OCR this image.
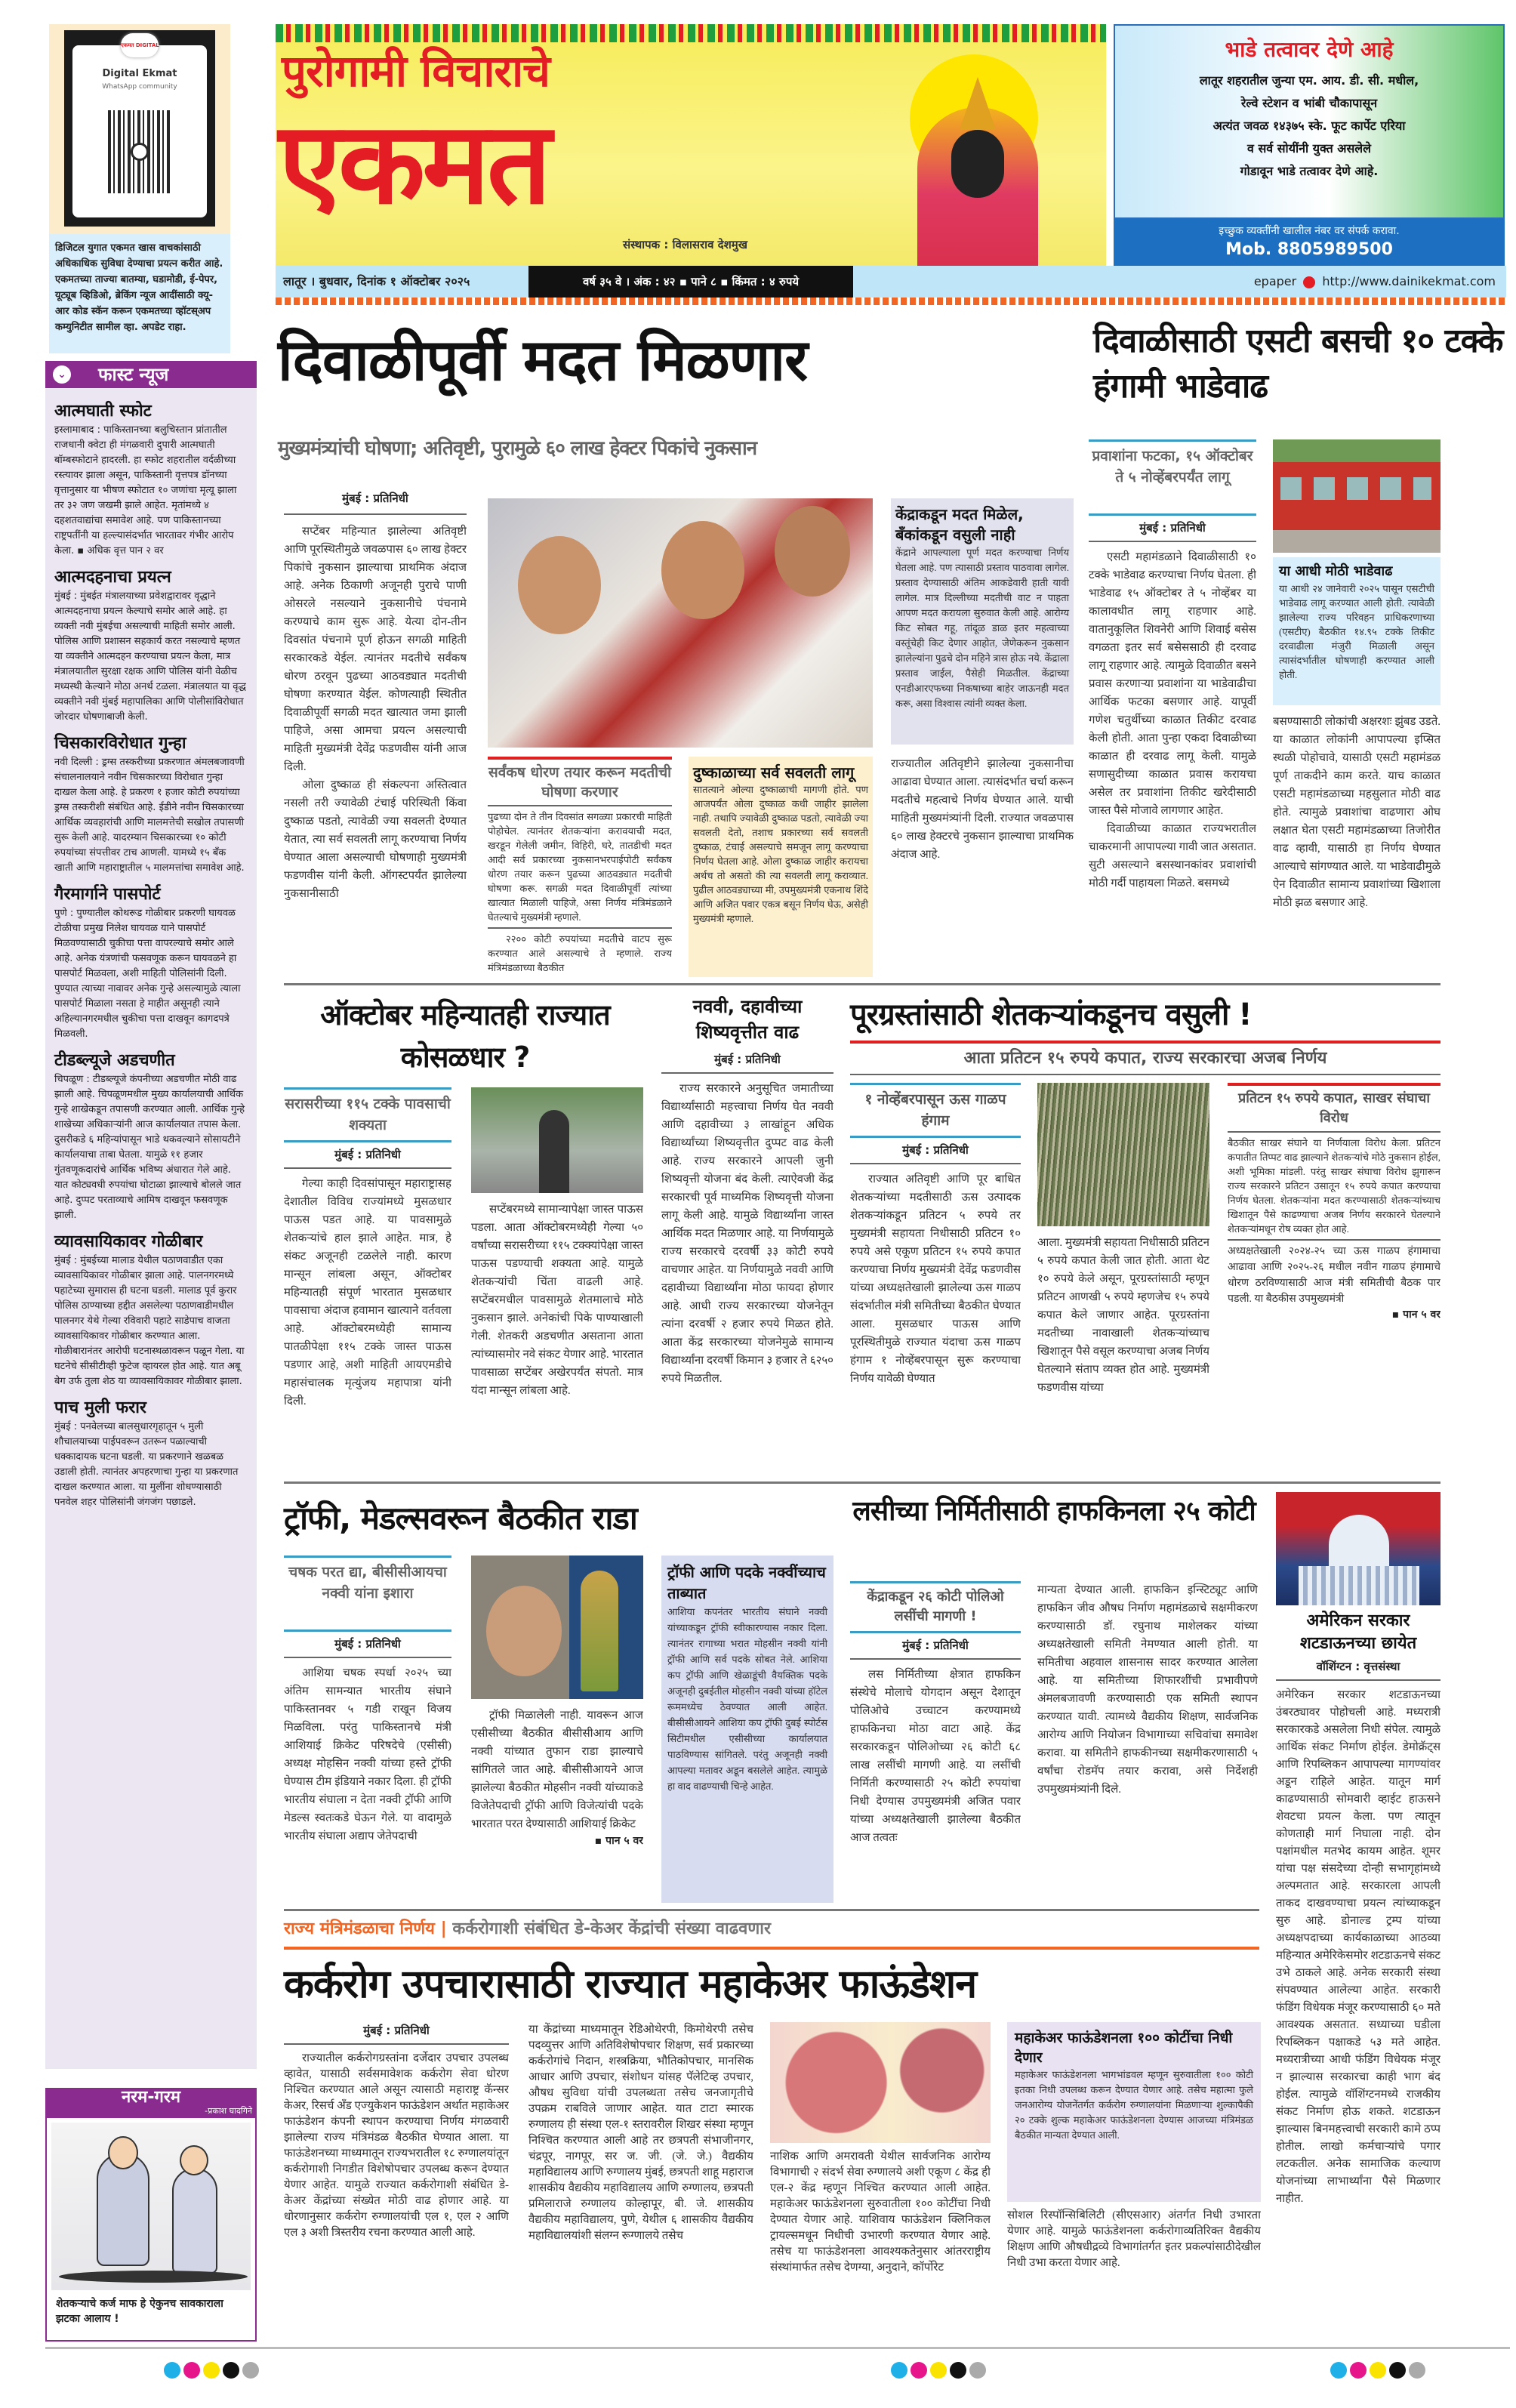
एकमत DIGITAL
Digital Ekmat
WhatsApp community

डिजिटल युगात एकमत खास वाचकांसाठी अधिकाधिक सुविधा देण्याचा प्रयत्न करीत आहे. एकमतच्या ताज्या बातम्या, घडामोडी, ई-पेपर, यूट्यूब व्हिडिओ, ब्रेकिंग न्यूज आदींसाठी क्यू-आर कोड स्कॅन करून एकमतच्या व्हॉटस्‌अप कम्युनिटीत सामील व्हा. अपडेट राहा.

⌄ फास्ट न्यूज
आत्मघाती स्फोट
इस्लामाबाद : पाकिस्तानच्या बलुचिस्तान प्रांतातील राजधानी क्वेटा ही मंगळवारी दुपारी आत्मघाती बॉम्बस्फोटाने हादरली. हा स्फोट शहरातील वर्दळीच्या रस्त्यावर झाला असून, पाकिस्तानी वृत्तपत्र डॉनच्या वृत्तानुसार या भीषण स्फोटात १० जणांचा मृत्यू झाला तर ३२ जण जखमी झाले आहेत. मृतांमध्ये ४ दहशतवाद्यांचा समावेश आहे. पण पाकिस्तानच्या राष्ट्रपतींनी या हल्ल्यासंदर्भात भारतावर गंभीर आरोप केला. ▪ अधिक वृत्त पान २ वर
आत्मदहनाचा प्रयत्न
मुंबई : मुंबईत मंत्रालयाच्या प्रवेशद्वारावर वृद्धाने आत्मदहनाचा प्रयत्न केल्याचे समोर आले आहे. हा व्यक्ती नवी मुंबईचा असल्याची माहिती समोर आली. पोलिस आणि प्रशासन सहकार्य करत नसल्याचे म्हणत या व्यक्तीने आत्मदहन करण्याचा प्रयत्न केला, मात्र मंत्रालयातील सुरक्षा रक्षक आणि पोलिस यांनी वेळीच मध्यस्थी केल्याने मोठा अनर्थ टळला. मंत्रालयात या वृद्ध व्यक्तीने नवी मुंबई महापालिका आणि पोलीसांविरोधात जोरदार घोषणाबाजी केली.
चिसकारविरोधात गुन्हा
नवी दिल्ली : ड्रग्स तस्करीच्या प्रकरणात अंमलबजावणी संचालनालयाने नवीन चिसकारच्या विरोधात गुन्हा दाखल केला आहे. हे प्रकरण १ हजार कोटी रुपयांच्या ड्रग्स तस्करीशी संबंधित आहे. ईडीने नवीन चिसकारच्या आर्थिक व्यवहारांची आणि मालमत्तेची सखोल तपासणी सुरू केली आहे. यादरम्यान चिसकारच्या १० कोटी रुपयांच्या संपत्तीवर टाच आणली. यामध्ये १५ बँक खाती आणि महाराष्ट्रातील ५ मालमत्तांचा समावेश आहे.
गैरमार्गाने पासपोर्ट
पुणे : पुण्यातील कोथरूड गोळीबार प्रकरणी घायवळ टोळीचा प्रमुख निलेश घायवळ याने पासपोर्ट मिळवण्यासाठी चुकीचा पत्ता वापरल्याचे समोर आले आहे. अनेक यंत्रणांची फसवणूक करून घायवळने हा पासपोर्ट मिळवला, अशी माहिती पोलिसांनी दिली. पुण्यात त्याच्या नावावर अनेक गुन्हे असल्यामुळे त्याला पासपोर्ट मिळाला नसता हे माहीत असूनही त्याने अहिल्यानगरमधील चुकीचा पत्ता दाखवून कागदपत्रे मिळवली.
टीडब्ल्यूजे अडचणीत
चिपळूण : टीडब्ल्यूजे कंपनीच्या अडचणीत मोठी वाढ झाली आहे. चिपळूणमधील मुख्य कार्यालयाची आर्थिक गुन्हे शाखेकडून तपासणी करण्यात आली. आर्थिक गुन्हे शाखेच्या अधिकाऱ्यांनी आज कार्यालयात तपास केला. दुसरीकडे ६ महिन्यांपासून भाडे थकवल्याने सोसायटीने कार्यालयाचा ताबा घेतला. यामुळे ११ हजार गुंतवणूकदारांचे आर्थिक भविष्य अंधारात गेले आहे. यात कोट्यवधी रुपयांचा घोटाळा झाल्याचे बोलले जात आहे. दुप्पट परताव्याचे आमिष दाखवून फसवणूक झाली.
व्यावसायिकावर गोळीबार
मुंबई : मुंबईच्या मालाड येथील पठाणवाडीत एका व्यावसायिकावर गोळीबार झाला आहे. पालनगरमध्ये पहाटेच्या सुमारास ही घटना घडली. मालाड पूर्व कुरार पोलिस ठाण्याच्या हद्दीत असलेल्या पठाणवाडीमधील पालनगर येथे गेल्या रविवारी पहाटे साडेपाच वाजता व्यावसायिकावर गोळीबार करण्यात आला. गोळीबारानंतर आरोपी घटनास्थळावरून पळून गेला. या घटनेचे सीसीटीव्ही फुटेज व्हायरल होत आहे. यात अबू बेग उर्फ तुला शेठ या व्यावसायिकावर गोळीबार झाला.
पाच मुली फरार
मुंबई : पनवेलच्या बालसुधारगृहातून ५ मुली शौचालयाच्या पाईपवरून उतरून पळाल्याची धक्कादायक घटना घडली. या प्रकरणाने खळबळ उडाली होती. त्यानंतर अपहरणाचा गुन्हा या प्रकरणात दाखल करण्यात आला. या मुलींना शोधण्यासाठी पनवेल शहर पोलिसांनी जंगजंग पछाडले.
नरम-गरम
-प्रकाश घादगिने
शेतकऱ्याचे कर्ज माफ हे ऐकुनच सावकाराला झटका आलाय !
पुरोगामी विचाराचे
एकमत
संस्थापक : विलासराव देशमुख
भाडे तत्वावर देणे आहे
लातूर शहरातील जुन्या एम. आय. डी. सी. मधील,
रेल्वे स्टेशन व भांबी चौकापासून
अत्यंत जवळ १४३७५ स्के. फूट कार्पेट एरिया
व सर्व सोयींनी युक्त असलेले
गोडावून भाडे तत्वावर देणे आहे.
इच्छुक व्यक्तींनी खालील नंबर वर संपर्क करावा.
Mob. 8805989500
लातूर । बुधवार, दिनांक १ ऑक्टोबर २०२५	epaper http://www.dainikekmat.com
वर्ष ३५ वे । अंक : ४२ ▪ पाने ८ ▪ किंमत : ४ रुपये
दिवाळीपूर्वी मदत मिळणार
मुख्यमंत्र्यांची घोषणा; अतिवृष्टी, पुरामुळे ६० लाख हेक्टर पिकांचे नुकसान
मुंबई : प्रतिनिधी

सप्टेंबर महिन्यात झालेल्या अतिवृष्टी आणि पूरस्थितीमुळे जवळपास ६० लाख हेक्टर पिकांचे नुकसान झाल्याचा प्राथमिक अंदाज आहे. अनेक ठिकाणी अजूनही पुराचे पाणी ओसरले नसल्याने नुकसानीचे पंचनामे करण्याचे काम सुरू आहे. येत्या दोन-तीन दिवसांत पंचनामे पूर्ण होऊन सगळी माहिती सरकारकडे येईल. त्यानंतर मदतीचे सर्वंकष धोरण ठरवून पुढच्या आठवड्यात मदतीची घोषणा करण्यात येईल. कोणत्याही स्थितीत दिवाळीपूर्वी सगळी मदत खात्यात जमा झाली पाहिजे, असा आमचा प्रयत्न असल्याची माहिती मुख्यमंत्री देवेंद्र फडणवीस यांनी आज दिली.

ओला दुष्काळ ही संकल्पना अस्तित्वात नसली तरी ज्यावेळी टंचाई परिस्थिती किंवा दुष्काळ पडतो, त्यावेळी ज्या सवलती देण्यात येतात, त्या सर्व सवलती लागू करण्याचा निर्णय घेण्यात आला असल्याची घोषणाही मुख्यमंत्री फडणवीस यांनी केली. ऑगस्टपर्यंत झालेल्या नुकसानीसाठी

सर्वंकष धोरण तयार करून मदतीची घोषणा करणार

पुढच्या दोन ते तीन दिवसांत सगळ्या प्रकारची माहिती पोहोचेल. त्यानंतर शेतकऱ्यांना करावयाची मदत, खरडून गेलेली जमीन, विहिरी, घरे, तातडीची मदत आदी सर्व प्रकारच्या नुकसानभरपाईपोटी सर्वंकष धोरण तयार करून पुढच्या आठवड्यात मदतीची घोषणा करू. सगळी मदत दिवाळीपूर्वी त्यांच्या खात्यात मिळाली पाहिजे, असा निर्णय मंत्रिमंडळाने घेतल्याचे मुख्यमंत्री म्हणाले.

२२०० कोटी रुपयांच्या मदतीचे वाटप सुरू करण्यात आले असल्याचे ते म्हणाले. राज्य मंत्रिमंडळाच्या बैठकीत

दुष्काळाच्या सर्व सवलती लागू

सातत्याने ओल्या दुष्काळाची मागणी होते. पण आजपर्यंत ओला दुष्काळ कधी जाहीर झालेला नाही. तथापि ज्यावेळी दुष्काळ पडतो, त्यावेळी ज्या सवलती देतो, तशाच प्रकारच्या सर्व सवलती दुष्काळ, टंचाई असल्याचे समजून लागू करण्याचा निर्णय घेतला आहे. ओला दुष्काळ जाहीर करायचा अर्थच तो असतो की त्या सवलती लागू कराव्यात. पुढील आठवड्याच्या मी, उपमुख्यमंत्री एकनाथ शिंदे आणि अजित पवार एकत्र बसून निर्णय घेऊ, असेही मुख्यमंत्री म्हणाले.

केंद्राकडून मदत मिळेल, बँकांकडून वसुली नाही

केंद्राने आपल्याला पूर्ण मदत करण्याचा निर्णय घेतला आहे. पण त्यासाठी प्रस्ताव पाठवावा लागेल. प्रस्ताव देण्यासाठी अंतिम आकडेवारी हाती यावी लागेल. मात्र दिल्लीच्या मदतीची वाट न पाहता आपण मदत करायला सुरुवात केली आहे. आरोग्य किट सोबत गहू, तांदूळ डाळ इतर महत्वाच्या वस्तूंचेही किट देणार आहोत, जेणेकरून नुकसान झालेल्यांना पुढचे दोन महिने त्रास होऊ नये. केंद्राला प्रस्ताव जाईल, पैसेही मिळतील. केंद्राच्या एनडीआरएफच्या निकषाच्या बाहेर जाऊनही मदत करू, असा विश्वास त्यांनी व्यक्त केला.

राज्यातील अतिवृष्टीने झालेल्या नुकसानीचा आढावा घेण्यात आला. त्यासंदर्भात चर्चा करून मदतीचे महत्वाचे निर्णय घेण्यात आले. याची माहिती मुख्यमंत्र्यांनी दिली. राज्यात जवळपास ६० लाख हेक्टरचे नुकसान झाल्याचा प्राथमिक अंदाज आहे.

दिवाळीसाठी एसटी बसची १० टक्के हंगामी भाडेवाढ
प्रवाशांना फटका, १५ ऑक्टोबर ते ५ नोव्हेंबरपर्यंत लागू
मुंबई : प्रतिनिधी

एसटी महामंडळाने दिवाळीसाठी १० टक्के भाडेवाढ करण्याचा निर्णय घेतला. ही भाडेवाढ १५ ऑक्टोबर ते ५ नोव्हेंबर या कालावधीत लागू राहणार आहे. वातानुकूलित शिवनेरी आणि शिवाई बसेस वगळता इतर सर्व बसेससाठी ही दरवाढ लागू राहणार आहे. त्यामुळे दिवाळीत बसने प्रवास करणाऱ्या प्रवाशांना या भाडेवाढीचा आर्थिक फटका बसणार आहे. यापूर्वी गणेश चतुर्थीच्या काळात तिकीट दरवाढ केली होती. आता पुन्हा एकदा दिवाळीच्या काळात ही दरवाढ लागू केली. यामुळे सणासुदीच्या काळात प्रवास करायचा असेल तर प्रवाशांना तिकीट खरेदीसाठी जास्त पैसे मोजावे लागणार आहेत.

दिवाळीच्या काळात राज्यभरातील चाकरमानी आपापल्या गावी जात असतात. सुटी असल्याने बसस्थानकांवर प्रवाशांची मोठी गर्दी पाहायला मिळते. बसमध्ये

या आधी मोठी भाडेवाढ

या आधी २४ जानेवारी २०२५ पासून एसटीची भाडेवाढ लागू करण्यात आली होती. त्यावेळी झालेल्या राज्य परिवहन प्राधिकरणाच्या (एसटीए) बैठकीत १४.९५ टक्के तिकीट दरवाढीला मंजुरी मिळाली असून त्यासंदर्भातील घोषणाही करण्यात आली होती.

बसण्यासाठी लोकांची अक्षरशः झुंबड उडते. या काळात लोकांनी आपापल्या इप्सित स्थळी पोहोचावे, यासाठी एसटी महामंडळ पूर्ण ताकदीने काम करते. याच काळात एसटी महामंडळाच्या महसुलात मोठी वाढ होते. त्यामुळे प्रवाशांचा वाढणारा ओघ लक्षात घेता एसटी महामंडळाच्या तिजोरीत वाढ व्हावी, यासाठी हा निर्णय घेण्यात आल्याचे सांगण्यात आले. या भाडेवाढीमुळे ऐन दिवाळीत सामान्य प्रवाशांच्या खिशाला मोठी झळ बसणार आहे.

ऑक्टोबर महिन्यातही राज्यात कोसळधार ?
सरासरीच्या ११५ टक्के पावसाची शक्यता
मुंबई : प्रतिनिधी

गेल्या काही दिवसांपासून महाराष्ट्रासह देशातील विविध राज्यांमध्ये मुसळधार पाऊस पडत आहे. या पावसामुळे शेतकऱ्यांचे हाल झाले आहेत. मात्र, हे संकट अजूनही टळलेले नाही. कारण मान्सून लांबला असून, ऑक्टोबर महिन्यातही संपूर्ण भारतात मुसळधार पावसाचा अंदाज हवामान खात्याने वर्तवला आहे. ऑक्टोबरमध्येही सामान्य पातळीपेक्षा ११५ टक्के जास्त पाऊस पडणार आहे, अशी माहिती आयएमडीचे महासंचालक मृत्युंजय महापात्रा यांनी दिली.

सप्टेंबरमध्ये सामान्यापेक्षा जास्त पाऊस पडला. आता ऑक्टोबरमध्येही गेल्या ५० वर्षांच्या सरासरीच्या ११५ टक्क्यांपेक्षा जास्त पाऊस पडण्याची शक्यता आहे. यामुळे शेतकऱ्यांची चिंता वाढली आहे. सप्टेंबरमधील पावसामुळे शेतमालाचे मोठे नुकसान झाले. अनेकांची पिके पाण्याखाली गेली. शेतकरी अडचणीत असताना आता त्यांच्यासमोर नवे संकट येणार आहे. भारतात पावसाळा सप्टेंबर अखेरपर्यंत संपतो. मात्र यंदा मान्सून लांबला आहे.

नववी, दहावीच्या शिष्यवृत्तीत वाढ
मुंबई : प्रतिनिधी

राज्य सरकारने अनुसूचित जमातीच्या विद्यार्थ्यांसाठी महत्त्वाचा निर्णय घेत नववी आणि दहावीच्या ३ लाखांहून अधिक विद्यार्थ्यांच्या शिष्यवृत्तीत दुप्पट वाढ केली आहे. राज्य सरकारने आपली जुनी शिष्यवृत्ती योजना बंद केली. त्याऐवजी केंद्र सरकारची पूर्व माध्यमिक शिष्यवृत्ती योजना लागू केली आहे. यामुळे विद्यार्थ्यांना जास्त आर्थिक मदत मिळणार आहे. या निर्णयामुळे राज्य सरकारचे दरवर्षी ३३ कोटी रुपये वाचणार आहेत. या निर्णयामुळे नववी आणि दहावीच्या विद्यार्थ्यांना मोठा फायदा होणार आहे. आधी राज्य सरकारच्या योजनेतून त्यांना दरवर्षी २ हजार रुपये मिळत होते. आता केंद्र सरकारच्या योजनेमुळे सामान्य विद्यार्थ्यांना दरवर्षी किमान ३ हजार ते ६२५० रुपये मिळतील.

पूरग्रस्तांसाठी शेतकऱ्यांकडूनच वसुली !
आता प्रतिटन १५ रुपये कपात, राज्य सरकारचा अजब निर्णय
१ नोव्हेंबरपासून ऊस गाळप हंगाम
मुंबई : प्रतिनिधी

राज्यात अतिवृष्टी आणि पूर बाधित शेतकऱ्यांच्या मदतीसाठी ऊस उत्पादक शेतकऱ्यांकडून प्रतिटन ५ रुपये तर मुख्यमंत्री सहायता निधीसाठी प्रतिटन १० रुपये असे एकूण प्रतिटन १५ रुपये कपात करण्याचा निर्णय मुख्यमंत्री देवेंद्र फडणवीस यांच्या अध्यक्षतेखाली झालेल्या ऊस गाळप संदर्भातील मंत्री समितीच्या बैठकीत घेण्यात आला. मुसळधार पाऊस आणि पूरस्थितीमुळे राज्यात यंदाचा ऊस गाळप हंगाम १ नोव्हेंबरपासून सुरू करण्याचा निर्णय यावेळी घेण्यात

आला. मुख्यमंत्री सहायता निधीसाठी प्रतिटन ५ रुपये कपात केली जात होती. आता थेट १० रुपये केले असून, पूरग्रस्तांसाठी म्हणून प्रतिटन आणखी ५ रुपये म्हणजेच १५ रुपये कपात केले जाणार आहेत. पूरग्रस्तांना मदतीच्या नावाखाली शेतकऱ्यांच्याच खिशातून पैसे वसूल करण्याचा अजब निर्णय घेतल्याने संताप व्यक्त होत आहे. मुख्यमंत्री फडणवीस यांच्या

प्रतिटन १५ रुपये कपात, साखर संघाचा विरोध

बैठकीत साखर संघाने या निर्णयाला विरोध केला. प्रतिटन कपातीत तिप्पट वाढ झाल्याने शेतकऱ्यांचे मोठे नुकसान होईल, अशी भूमिका मांडली. परंतु साखर संघाचा विरोध झुगारून राज्य सरकारने प्रतिटन उसातून १५ रुपये कपात करण्याचा निर्णय घेतला. शेतकऱ्यांना मदत करण्यासाठी शेतकऱ्यांच्याच खिशातून पैसे काढण्याचा अजब निर्णय सरकारने घेतल्याने शेतकऱ्यांमधून रोष व्यक्त होत आहे.

अध्यक्षतेखाली २०२४-२५ च्या ऊस गाळप हंगामाचा आढावा आणि २०२५-२६ मधील नवीन गाळप हंगामाचे धोरण ठरविण्यासाठी आज मंत्री समितीची बैठक पार पडली. या बैठकीस उपमुख्यमंत्री

▪ पान ५ वर
ट्रॉफी, मेडल्सवरून बैठकीत राडा
चषक परत द्या, बीसीसीआयचा नक्वी यांना इशारा
मुंबई : प्रतिनिधी

आशिया चषक स्पर्धा २०२५ च्या अंतिम सामन्यात भारतीय संघाने पाकिस्तानवर ५ गडी राखून विजय मिळविला. परंतु पाकिस्तानचे मंत्री आशियाई क्रिकेट परिषदेचे (एसीसी) अध्यक्ष मोहसिन नक्वी यांच्या हस्ते ट्रॉफी घेण्यास टीम इंडियाने नकार दिला. ही ट्रॉफी भारतीय संघाला न देता नक्वी ट्रॉफी आणि मेडल्स स्वतःकडे घेऊन गेले. या वादामुळे भारतीय संघाला अद्याप जेतेपदाची

ट्रॉफी मिळालेली नाही. यावरून आज एसीसीच्या बैठकीत बीसीसीआय आणि नक्वी यांच्यात तुफान राडा झाल्याचे सांगितले जात आहे. बीसीसीआयने आज झालेल्या बैठकीत मोहसीन नक्वी यांच्याकडे विजेतेपदाची ट्रॉफी आणि विजेत्यांची पदके भारतात परत देण्यासाठी आशियाई क्रिकेट

▪ पान ५ वर
ट्रॉफी आणि पदके नक्वींच्याच ताब्यात

आशिया कपनंतर भारतीय संघाने नक्वी यांच्याकडून ट्रॉफी स्वीकारण्यास नकार दिला. त्यानंतर रागाच्या भरात मोहसीन नक्वी यांनी ट्रॉफी आणि सर्व पदके सोबत नेले. आशिया कप ट्रॉफी आणि खेळाडूंची वैयक्तिक पदके अजूनही दुबईतील मोहसीन नक्वी यांच्या हॉटेल रूममध्येच ठेवण्यात आली आहेत. बीसीसीआयने आशिया कप ट्रॉफी दुबई स्पोर्टस सिटीमधील एसीसीच्या कार्यालयात पाठविण्यास सांगितले. परंतु अजूनही नक्वी आपल्या मतावर अडून बसलेले आहेत. त्यामुळे हा वाद वाढण्याची चिन्हे आहेत.

लसीच्या निर्मितीसाठी हाफकिनला २५ कोटी
केंद्राकडून २६ कोटी पोलिओ लसींची मागणी !
मुंबई : प्रतिनिधी

लस निर्मितीच्या क्षेत्रात हाफकिन संस्थेचे मोलाचे योगदान असून देशातून पोलिओचे उच्चाटन करण्यामध्ये हाफकिनचा मोठा वाटा आहे. केंद्र सरकारकडून पोलिओच्या २६ कोटी ६८ लाख लसींची मागणी आहे. या लसींची निर्मिती करण्यासाठी २५ कोटी रुपयांचा निधी देण्यास उपमुख्यमंत्री अजित पवार यांच्या अध्यक्षतेखाली झालेल्या बैठकीत आज तत्वतः

मान्यता देण्यात आली. हाफकिन इन्स्टिट्यूट आणि हाफकिन जीव औषध निर्माण महामंडळाचे सक्षमीकरण करण्यासाठी डॉ. रघुनाथ माशेलकर यांच्या अध्यक्षतेखाली समिती नेमण्यात आली होती. या समितीचा अहवाल शासनास सादर करण्यात आलेला आहे. या समितीच्या शिफारशींची प्रभावीपणे अंमलबजावणी करण्यासाठी एक समिती स्थापन करण्यात यावी. त्यामध्ये वैद्यकीय शिक्षण, सार्वजनिक आरोग्य आणि नियोजन विभागाच्या सचिवांचा समावेश करावा. या समितीने हाफकीनच्या सक्षमीकरणासाठी ५ वर्षांचा रोडमॅप तयार करावा, असे निर्देशही उपमुख्यमंत्र्यांनी दिले.

अमेरिकन सरकार शटडाऊनच्या छायेत
वॉशिंग्टन : वृत्तसंस्था

अमेरिकन सरकार शटडाऊनच्या उंबरठ्यावर पोहोचली आहे. मध्यरात्री सरकारकडे असलेला निधी संपेल. त्यामुळे आर्थिक संकट निर्माण होईल. डेमोक्रॅट्स आणि रिपब्लिकन आपापल्या मागण्यांवर अडून राहिले आहेत. यातून मार्ग काढण्यासाठी सोमवारी व्हाईट हाऊसने शेवटचा प्रयत्न केला. पण त्यातून कोणताही मार्ग निघाला नाही. दोन पक्षांमधील मतभेद कायम आहेत. शूमर यांचा पक्ष संसदेच्या दोन्ही सभागृहांमध्ये अल्पमतात आहे. सरकारला आपली ताकद दाखवण्याचा प्रयत्न त्यांच्याकडून सुरु आहे. डोनाल्ड ट्रम्प यांच्या अध्यक्षपदाच्या कार्यकाळाच्या आठव्या महिन्यात अमेरिकेसमोर शटडाऊनचे संकट उभे ठाकले आहे. अनेक सरकारी संस्था संपवण्यात आलेल्या आहेत. सरकारी फंडिंग विधेयक मंजूर करण्यासाठी ६० मते आवश्यक असतात. सध्याच्या घडीला रिपब्लिकन पक्षाकडे ५३ मते आहेत. मध्यरात्रीच्या आधी फंडिंग विधेयक मंजूर न झाल्यास सरकारचा काही भाग बंद होईल. त्यामुळे वॉशिंग्टनमध्ये राजकीय संकट निर्माण होऊ शकते. शटडाऊन झाल्यास बिनमहत्त्वाची सरकारी कामे ठप्प होतील. लाखो कर्मचाऱ्यांचे पगार लटकतील. अनेक सामाजिक कल्याण योजनांच्या लाभार्थ्यांना पैसे मिळणार नाहीत.

राज्य मंत्रिमंडळाचा निर्णय | कर्करोगाशी संबंधित डे-केअर केंद्रांची संख्या वाढवणार
कर्करोग उपचारासाठी राज्यात महाकेअर फाऊंडेशन
मुंबई : प्रतिनिधी

राज्यातील कर्करोगग्रस्तांना दर्जेदार उपचार उपलब्ध व्हावेत, यासाठी सर्वसमावेशक कर्करोग सेवा धोरण निश्चित करण्यात आले असून त्यासाठी महाराष्ट्र कॅन्सर केअर, रिसर्च अँड एज्युकेशन फाऊंडेशन अर्थात महाकेअर फाऊंडेशन कंपनी स्थापन करण्याचा निर्णय मंगळवारी झालेल्या राज्य मंत्रिमंडळ बैठकीत घेण्यात आला. या फाऊंडेशनच्या माध्यमातून राज्यभरातील १८ रुग्णालयांतून कर्करोगाशी निगडीत विशेषोपचार उपलब्ध करून देण्यात येणार आहेत. यामुळे राज्यात कर्करोगाशी संबंधित डे-केअर केंद्रांच्या संख्येत मोठी वाढ होणार आहे. या धोरणानुसार कर्करोग रुग्णालयांची एल १, एल २ आणि एल ३ अशी त्रिस्तरीय रचना करण्यात आली आहे.

या केंद्रांच्या माध्यमातून रेडिओथेरपी, किमोथेरपी तसेच पदव्युत्तर आणि अतिविशेषोपचार शिक्षण, सर्व प्रकारच्या कर्करोगांचे निदान, शस्त्रक्रिया, भौतिकोपचार, मानसिक आधार आणि उपचार, संशोधन यांसह पॅलेटिव्ह उपचार, औषध सुविधा यांची उपलब्धता तसेच जनजागृतीचे उपक्रम राबविले जाणार आहेत. यात टाटा स्मारक रुग्णालय ही संस्था एल-१ स्तरावरील शिखर संस्था म्हणून निश्चित करण्यात आली आहे तर छत्रपती संभाजीनगर, चंद्रपूर, नागपूर, सर ज. जी. (जे. जे.) वैद्यकीय महाविद्यालय आणि रुग्णालय मुंबई, छत्रपती शाहू महाराज शासकीय वैद्यकीय महाविद्यालय आणि रुग्णालय, छत्रपती प्रमिलाराजे रुग्णालय कोल्हापूर, बी. जे. शासकीय वैद्यकीय महाविद्यालय, पुणे, येथील ६ शासकीय वैद्यकीय महाविद्यालयांशी संलग्न रूग्णालये तसेच

नाशिक आणि अमरावती येथील सार्वजनिक आरोग्य विभागाची २ संदर्भ सेवा रुग्णालये अशी एकूण ८ केंद्र ही एल-२ केंद्र म्हणून निश्चित करण्यात आली आहेत. महाकेअर फाऊंडेशनला सुरुवातीला १०० कोटींचा निधी देण्यात येणार आहे. याशिवाय फाऊंडेशन क्लिनिकल ट्रायल्समधून निधीची उभारणी करण्यात येणार आहे. तसेच या फाऊंडेशनला आवश्यकतेनुसार आंतरराष्ट्रीय संस्थांमार्फत तसेच देणग्या, अनुदाने, कॉर्पोरेट

महाकेअर फाऊंडेशनला १०० कोटींचा निधी देणार

महाकेअर फाऊंडेशनला भागभांडवल म्हणून सुरुवातीला १०० कोटी इतका निधी उपलब्ध करून देण्यात येणार आहे. तसेच महात्मा फुले जनआरोग्य योजनेंतर्गत कर्करोग रुग्णालयांना मिळणाऱ्या शुल्कापैकी २० टक्के शुल्क महाकेअर फाऊंडेशनला देण्यास आजच्या मंत्रिमंडळ बैठकीत मान्यता देण्यात आली.

सोशल रिस्पॉन्सिबिलिटी (सीएसआर) अंतर्गत निधी उभारता येणार आहे. यामुळे फाऊंडेशनला कर्करोगाव्यतिरिक्त वैद्यकीय शिक्षण आणि औषधीद्रव्ये विभागांतर्गत इतर प्रकल्पांसाठीदेखील निधी उभा करता येणार आहे.
